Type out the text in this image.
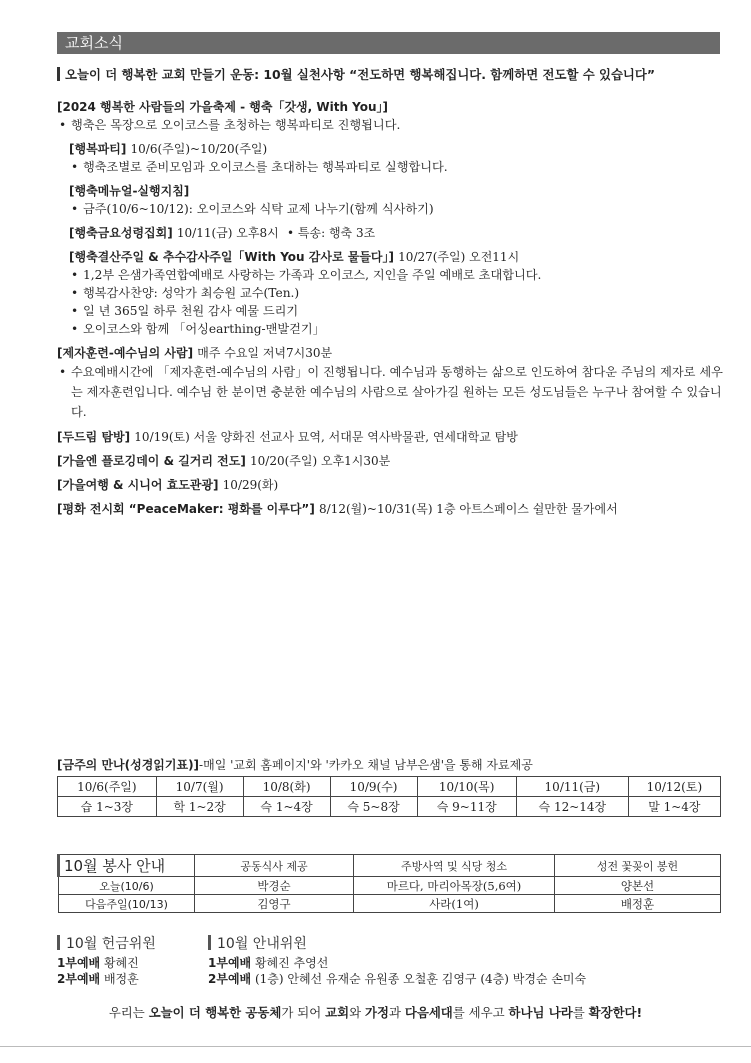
교회소식
오늘이 더 행복한 교회 만들기 운동: 10월 실천사항 “전도하면 행복해집니다. 함께하면 전도할 수 있습니다”
[2024 행복한 사람들의 가을축제 - 행축「갓생, With You」]
• 행축은 목장으로 오이코스를 초청하는 행복파티로 진행됩니다.
[행복파티] 10/6(주일)~10/20(주일)
• 행축조별로 준비모임과 오이코스를 초대하는 행복파티로 실행합니다.
[행축메뉴얼-실행지침]
• 금주(10/6~10/12): 오이코스와 식탁 교제 나누기(함께 식사하기)
[행축금요성령집회] 10/11(금) 오후8시 • 특송: 행축 3조
[행축결산주일 & 추수감사주일「With You 감사로 물들다」] 10/27(주일) 오전11시
• 1,2부 은샘가족연합예배로 사랑하는 가족과 오이코스, 지인을 주일 예배로 초대합니다.
• 행복감사찬양: 성악가 최승원 교수(Ten.)
• 일 년 365일 하루 천원 감사 예물 드리기
• 오이코스와 함께 「어싱earthing-맨발걷기」
[제자훈련-예수님의 사람] 매주 수요일 저녁7시30분
• 수요예배시간에 「제자훈련-예수님의 사람」이 진행됩니다. 예수님과 동행하는 삶으로 인도하여 참다운 주님의 제자로 세우는 제자훈련입니다. 예수님 한 분이면 충분한 예수님의 사람으로 살아가길 원하는 모든 성도님들은 누구나 참여할 수 있습니다.
[두드림 탐방] 10/19(토) 서울 양화진 선교사 묘역, 서대문 역사박물관, 연세대학교 탐방
[가을엔 플로깅데이 & 길거리 전도] 10/20(주일) 오후1시30분
[가을여행 & 시니어 효도관광] 10/29(화)
[평화 전시회 “PeaceMaker: 평화를 이루다”] 8/12(월)~10/31(목) 1층 아트스페이스 쉴만한 물가에서
[금주의 만나(성경읽기표)]-매일 '교회 홈페이지'와 '카카오 채널 남부은샘'을 통해 자료제공
10/6(주일)	10/7(월)	10/8(화)	10/9(수)	10/10(목)	10/11(금)	10/12(토)
습 1~3장	학 1~2장	슥 1~4장	슥 5~8장	슥 9~11장	슥 12~14장	말 1~4장
10월 봉사 안내	공동식사 제공	주방사역 및 식당 청소	성전 꽃꽂이 봉헌
오늘(10/6)	박경순	마르다, 마리아목장(5,6여)	양본선
다음주일(10/13)	김영구	사라(1여)	배정훈
10월 헌금위원
1부예배 황혜진
2부예배 배정훈
10월 안내위원
1부예배 황혜진 추영선
2부예배 (1층) 안혜선 유재순 유원종 오철훈 김영구 (4층) 박경순 손미숙
우리는 오늘이 더 행복한 공동체가 되어 교회와 가정과 다음세대를 세우고 하나님 나라를 확장한다!
